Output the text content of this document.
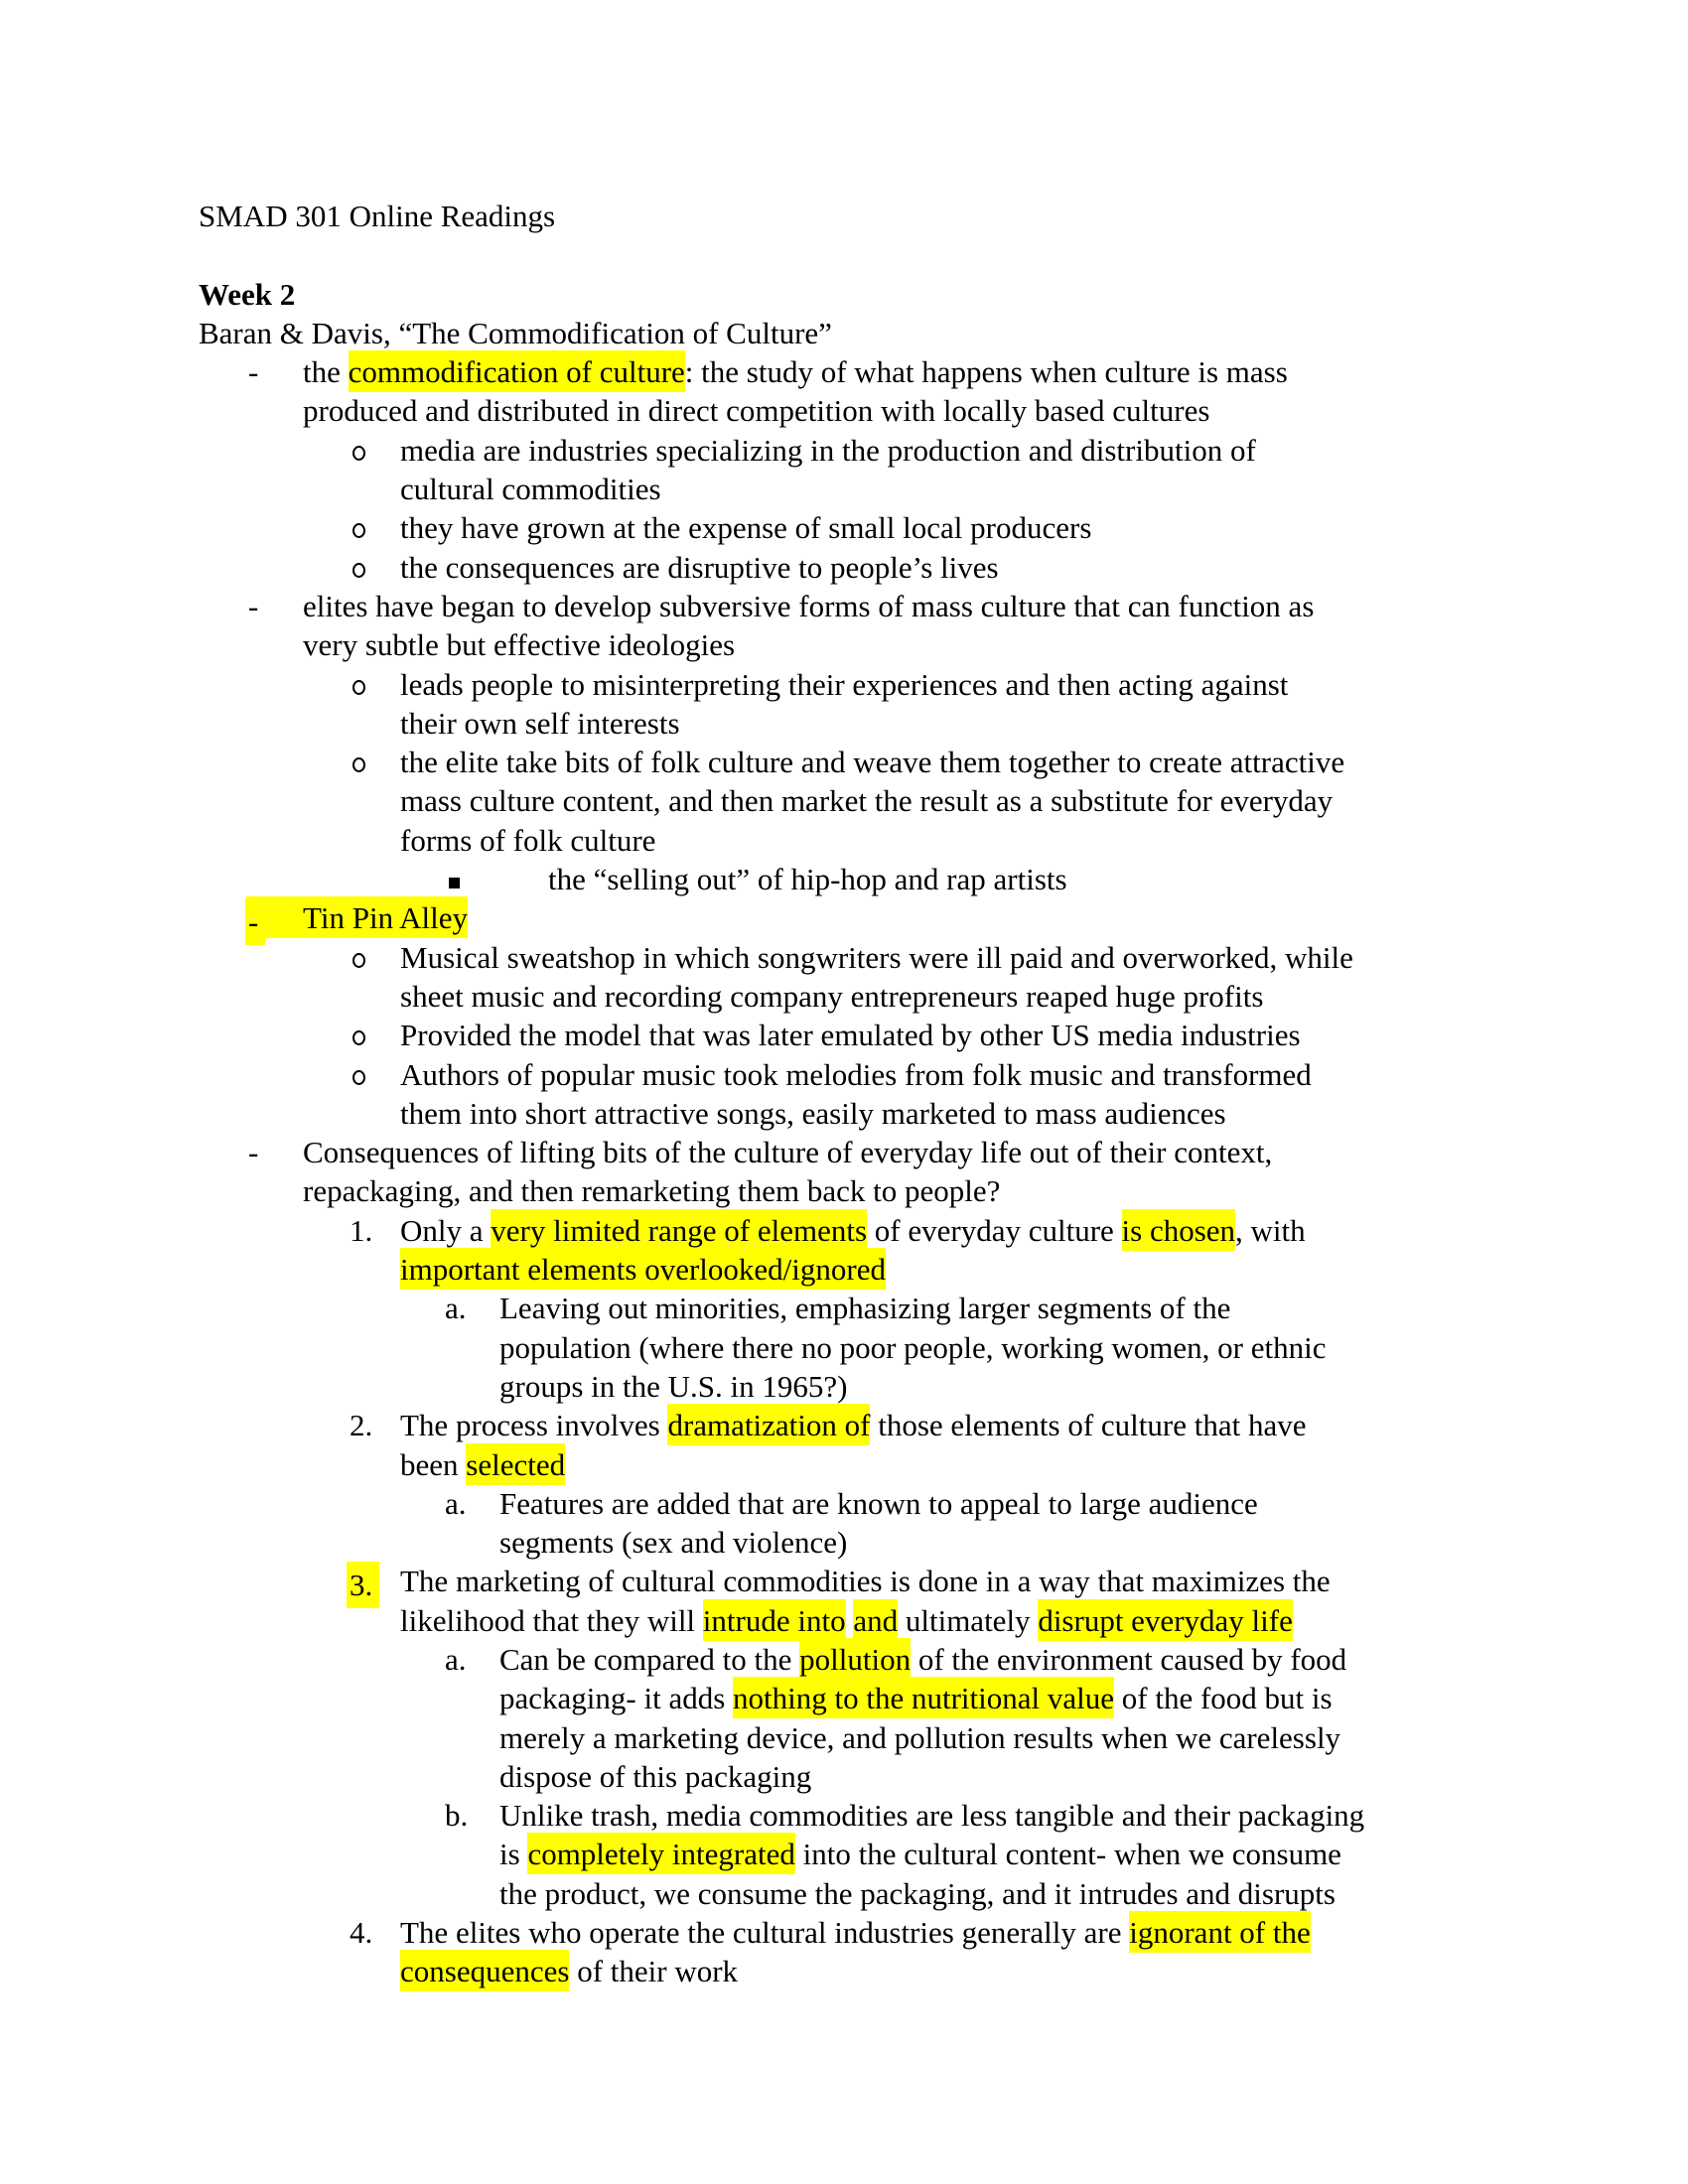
SMAD 301 Online Readings
Week 2
Baran & Davis, “The Commodification of Culture”
- the commodification of culture: the study of what happens when culture is mass
produced and distributed in direct competition with locally based cultures
media are industries specializing in the production and distribution of
cultural commodities
they have grown at the expense of small local producers
the consequences are disruptive to people’s lives
- elites have began to develop subversive forms of mass culture that can function as
very subtle but effective ideologies
leads people to misinterpreting their experiences and then acting against
their own self interests
the elite take bits of folk culture and weave them together to create attractive
mass culture content, and then market the result as a substitute for everyday
forms of folk culture
the “selling out” of hip-hop and rap artists
- Tin Pin Alley
Musical sweatshop in which songwriters were ill paid and overworked, while
sheet music and recording company entrepreneurs reaped huge profits
Provided the model that was later emulated by other US media industries
Authors of popular music took melodies from folk music and transformed
them into short attractive songs, easily marketed to mass audiences
- Consequences of lifting bits of the culture of everyday life out of their context,
repackaging, and then remarketing them back to people?
1. Only a very limited range of elements of everyday culture is chosen, with
important elements overlooked/ignored
a. Leaving out minorities, emphasizing larger segments of the
population (where there no poor people, working women, or ethnic
groups in the U.S. in 1965?)
2. The process involves dramatization of those elements of culture that have
been selected
a. Features are added that are known to appeal to large audience
segments (sex and violence)
3. The marketing of cultural commodities is done in a way that maximizes the
likelihood that they will intrude into and ultimately disrupt everyday life
a. Can be compared to the pollution of the environment caused by food
packaging- it adds nothing to the nutritional value of the food but is
merely a marketing device, and pollution results when we carelessly
dispose of this packaging
b. Unlike trash, media commodities are less tangible and their packaging
is completely integrated into the cultural content- when we consume
the product, we consume the packaging, and it intrudes and disrupts
4. The elites who operate the cultural industries generally are ignorant of the
consequences of their work
